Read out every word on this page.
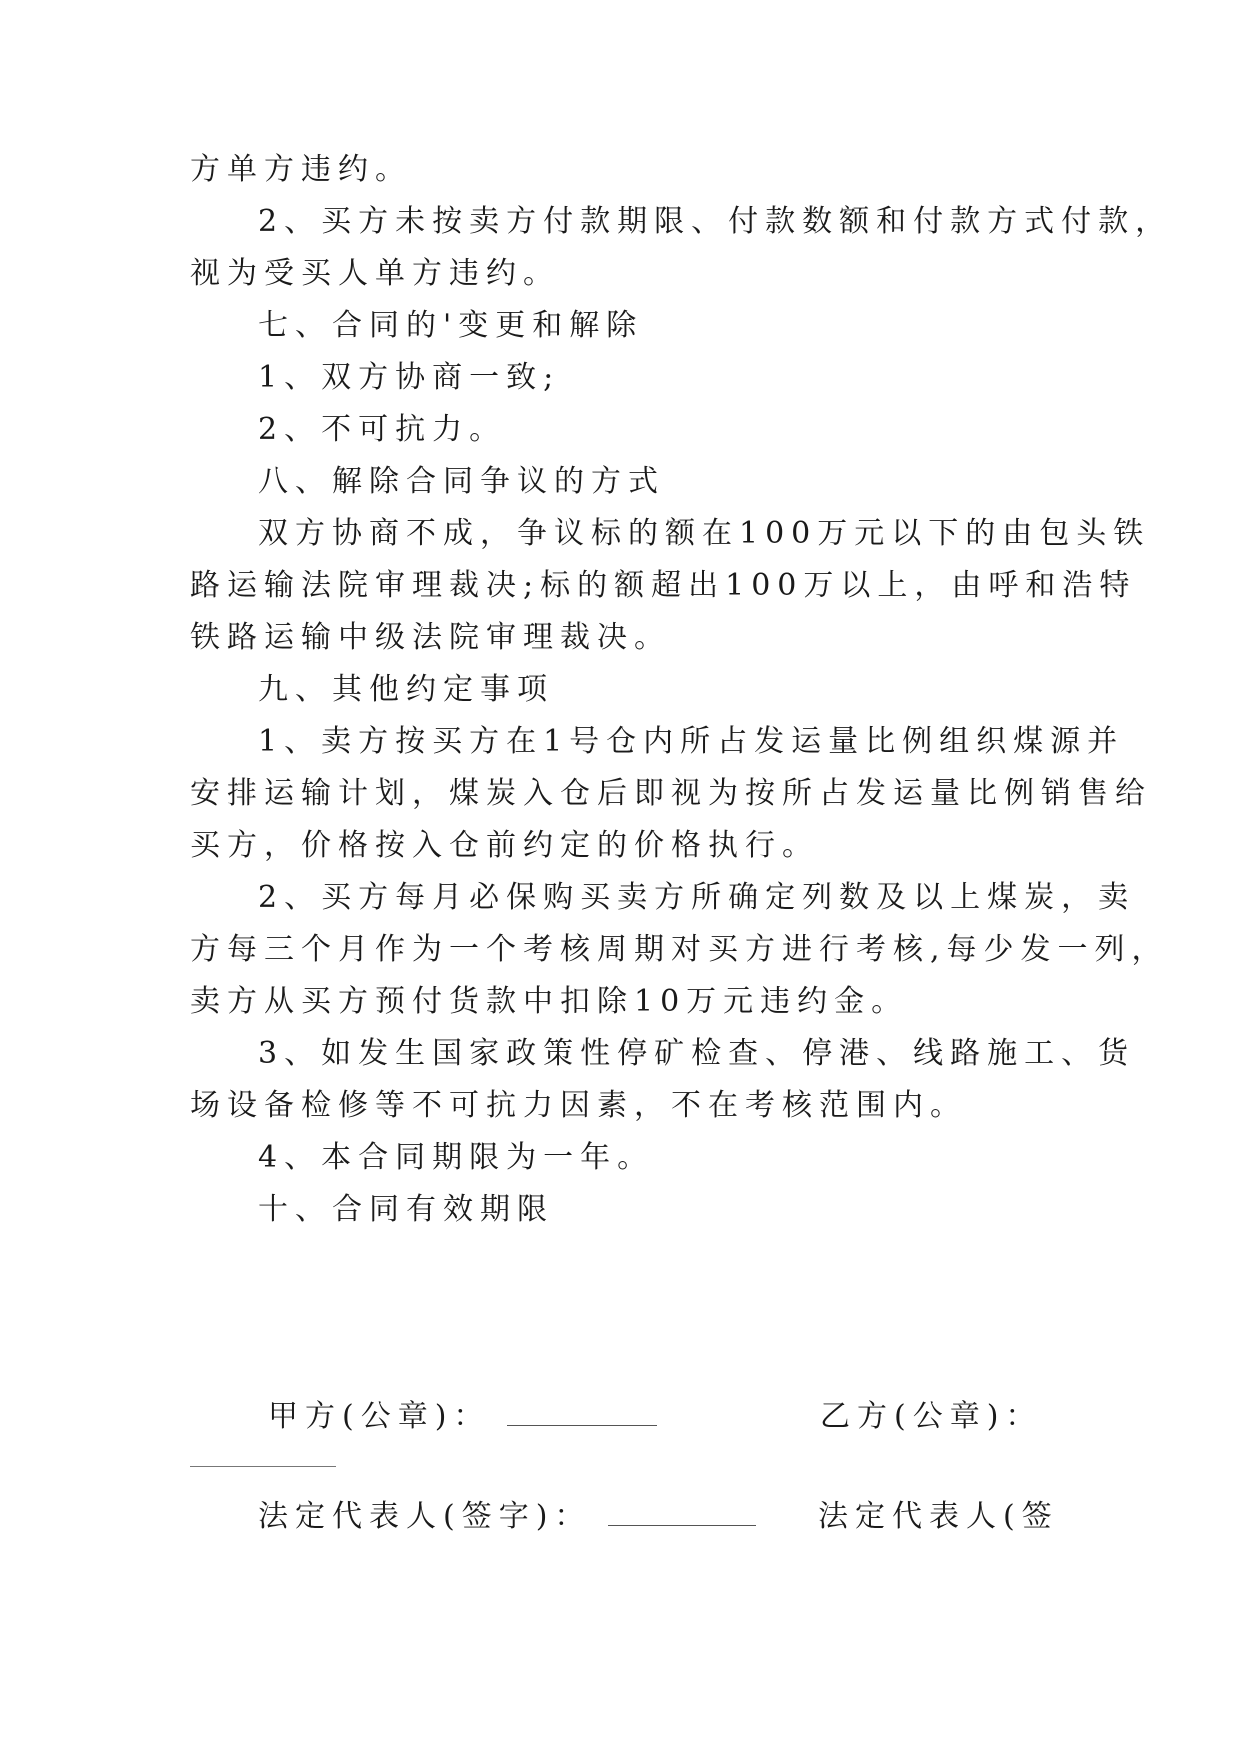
方单方违约。
2、买方未按卖方付款期限、付款数额和付款方式付款，
视为受买人单方违约。
七、合同的'变更和解除
1、双方协商一致;
2、不可抗力。
八、解除合同争议的方式
双方协商不成，争议标的额在100万元以下的由包头铁
路运输法院审理裁决;标的额超出100万以上，由呼和浩特
铁路运输中级法院审理裁决。
九、其他约定事项
1、卖方按买方在1号仓内所占发运量比例组织煤源并
安排运输计划，煤炭入仓后即视为按所占发运量比例销售给
买方，价格按入仓前约定的价格执行。
2、买方每月必保购买卖方所确定列数及以上煤炭，卖
方每三个月作为一个考核周期对买方进行考核,每少发一列，
卖方从买方预付货款中扣除10万元违约金。
3、如发生国家政策性停矿检查、停港、线路施工、货
场设备检修等不可抗力因素，不在考核范围内。
4、本合同期限为一年。
十、合同有效期限
甲方(公章)：	乙方(公章)：
法定代表人(签字)：	法定代表人(签
